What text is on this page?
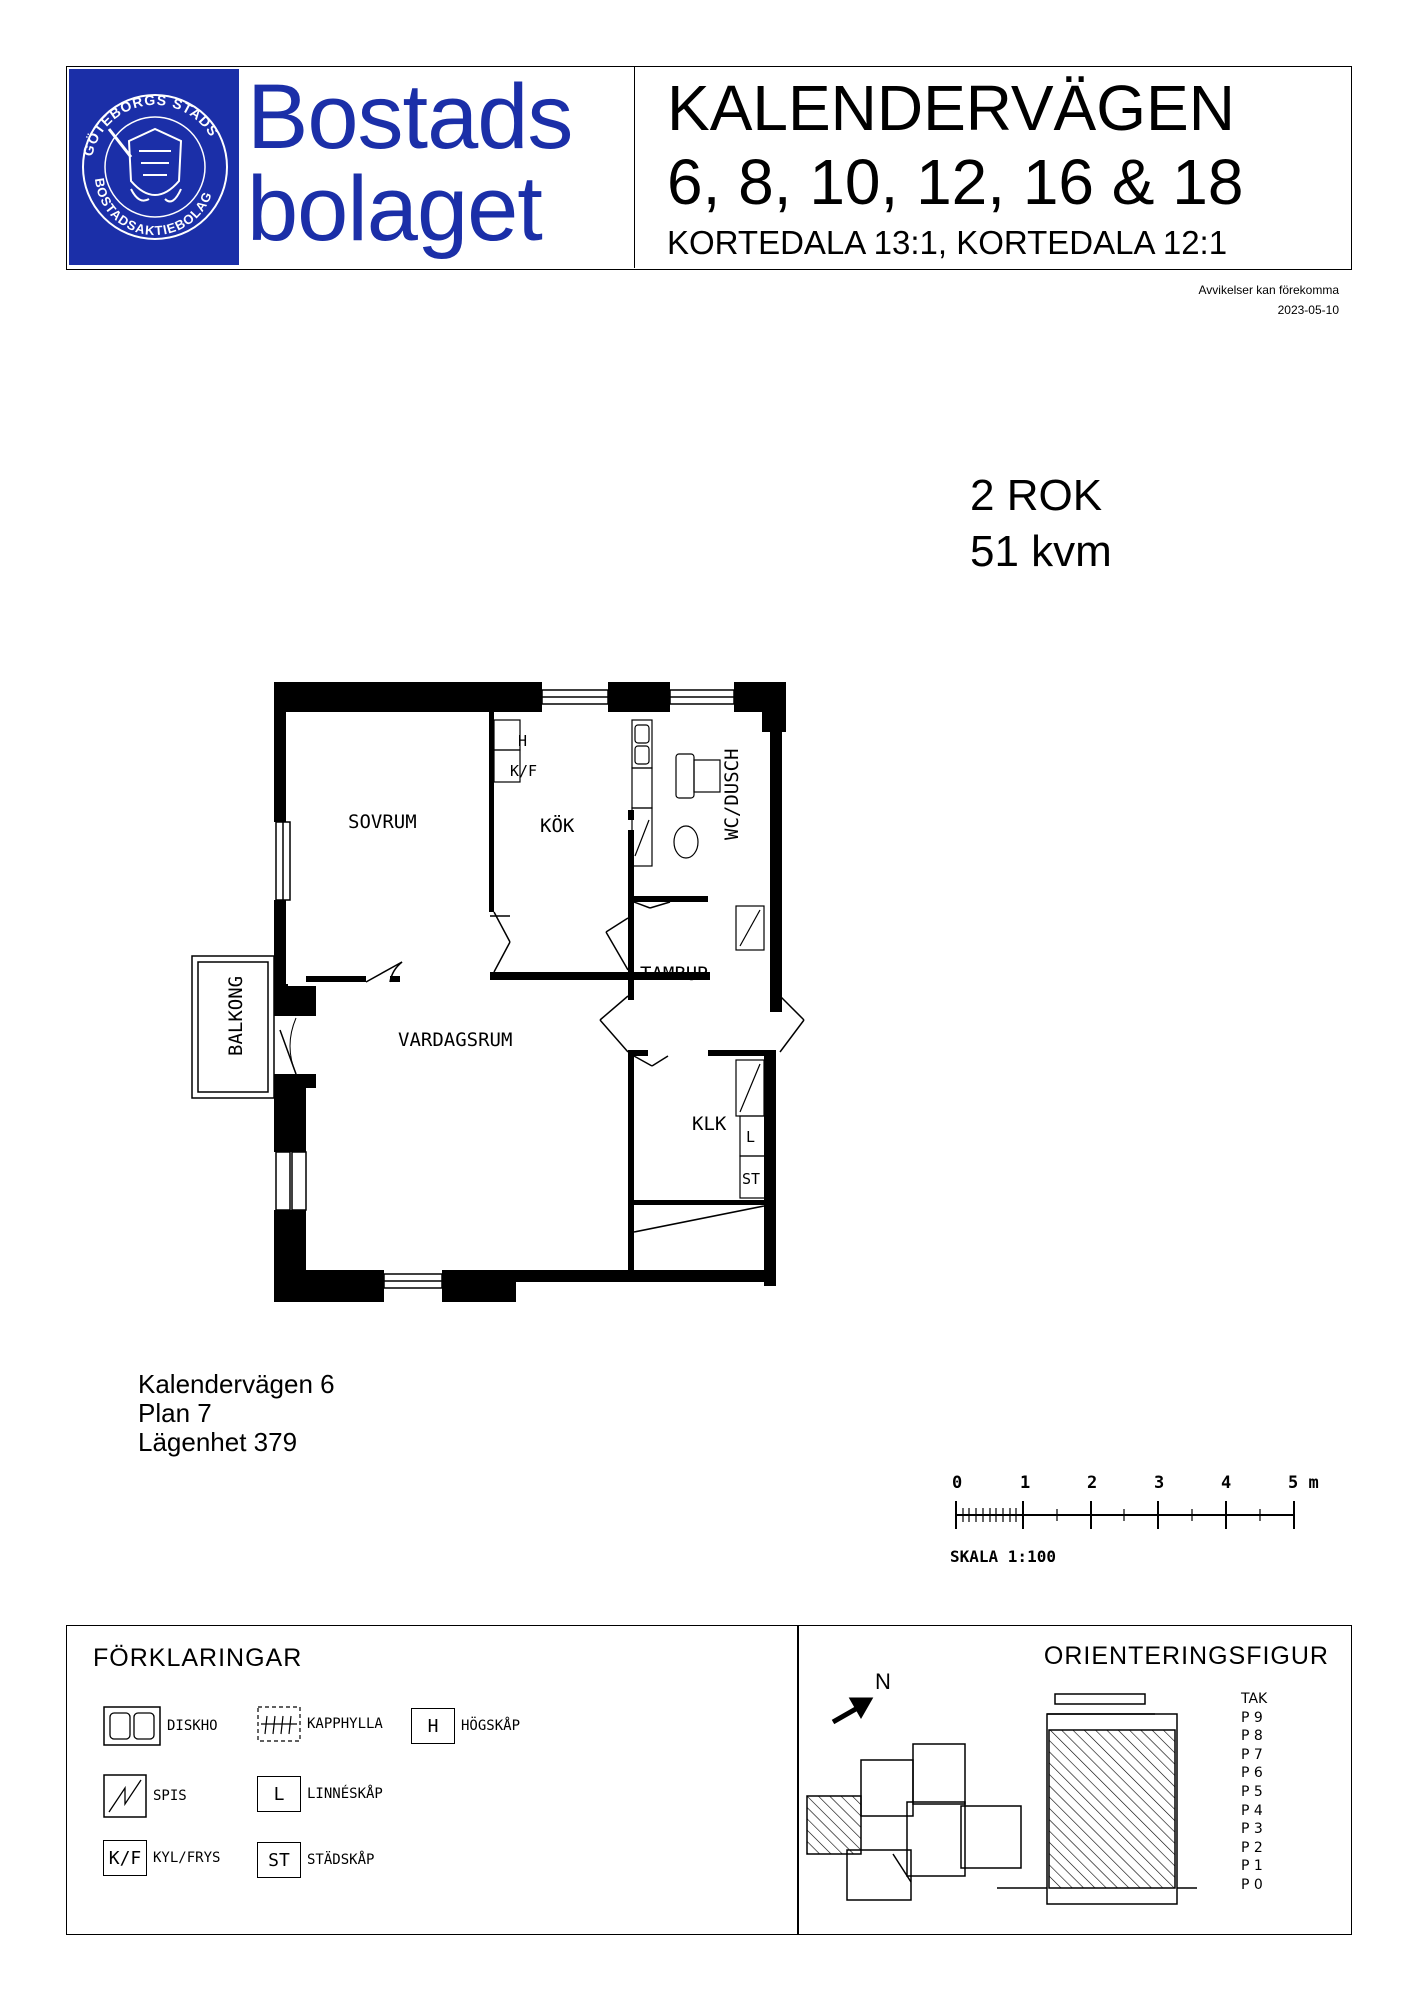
GÖTEBORGS STADS
BOSTADSAKTIEBOLAG
Bostads
bolaget
KALENDERVÄGEN
6, 8, 10, 12, 16 & 18
KORTEDALA 13:1, KORTEDALA 12:1
Avvikelser kan förekomma
2023-05-10
2 ROK
51 kvm
SOVRUM	KÖK	WC/DUSCH
TAMBUR
BALKONG	VARDAGSRUM
KLK
H
K/F
L
ST
Kalendervägen 6
Plan 7
Lägenhet 379
0	1	2	3	4	5 m
SKALA 1:100
FÖRKLARINGAR	ORIENTERINGSFIGUR
DISKHO	KAPPHYLLA	H	HÖGSKÅP
SPIS	L	LINNÉSKÅP
K/F KYL/FRYS	ST	STÄDSKÅP
N
TAK
P 9
P 8
P 7
P 6
P 5
P 4
P 3
P 2
P 1
P 0
